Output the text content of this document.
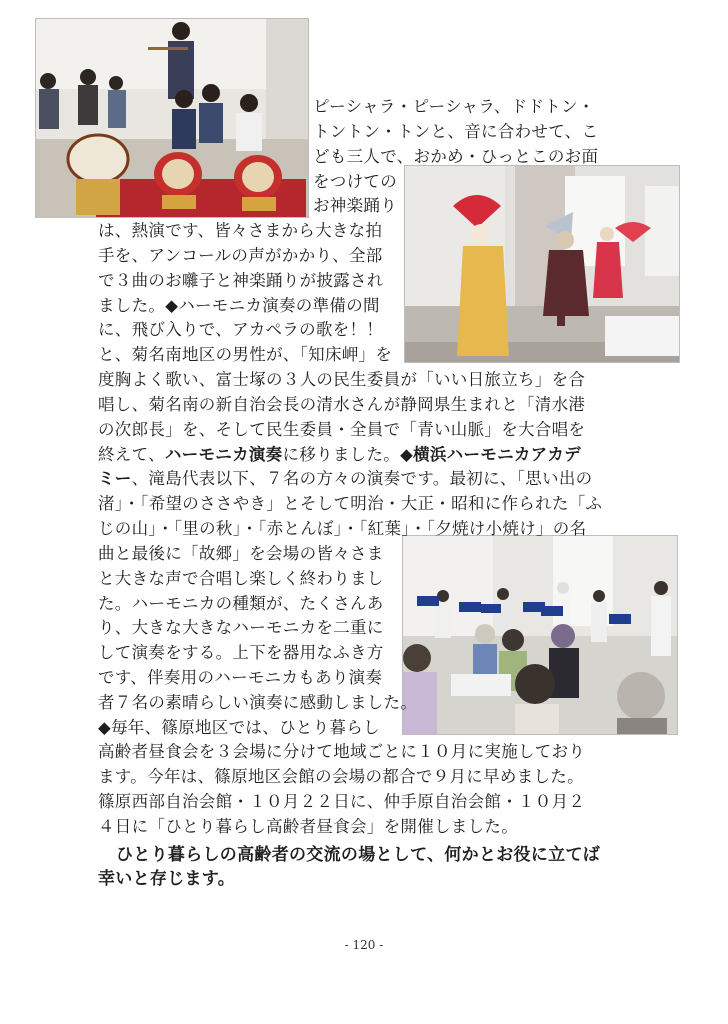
ピーシャラ・ピーシャラ、ドドトン・
トントン・トンと、音に合わせて、こ
ども三人で、おかめ・ひっとこのお面
をつけての
お神楽踊り
は、熱演です、皆々さまから大きな拍
手を、アンコールの声がかかり、全部
で３曲のお囃子と神楽踊りが披露され
ました。◆ハーモニカ演奏の準備の間
に、飛び入りで、アカペラの歌を！！
と、菊名南地区の男性が、「知床岬」を
度胸よく歌い、富士塚の３人の民生委員が「いい日旅立ち」を合
唱し、菊名南の新自治会長の清水さんが静岡県生まれと「清水港
の次郎長」を、そして民生委員・全員で「青い山脈」を大合唱を
終えて、ハーモニカ演奏に移りました。◆横浜ハーモニカアカデ
ミー、滝島代表以下、７名の方々の演奏です。最初に、「思い出の
渚」・「希望のささやき」とそして明治・大正・昭和に作られた「ふ
じの山」・「里の秋」・「赤とんぼ」・「紅葉」・「夕焼け小焼け」の名
曲と最後に「故郷」を会場の皆々さま
と大きな声で合唱し楽しく終わりまし
た。ハーモニカの種類が、たくさんあ
り、大きな大きなハーモニカを二重に
して演奏をする。上下を器用なふき方
です、伴奏用のハーモニカもあり演奏
者７名の素晴らしい演奏に感動しました。
◆毎年、篠原地区では、ひとり暮らし
高齢者昼食会を３会場に分けて地域ごとに１０月に実施しており
ます。今年は、篠原地区会館の会場の都合で９月に早めました。
篠原西部自治会館・１０月２２日に、仲手原自治会館・１０月２
４日に「ひとり暮らし高齢者昼食会」を開催しました。
ひとり暮らしの高齢者の交流の場として、何かとお役に立てば
幸いと存じます。
- 120 -
